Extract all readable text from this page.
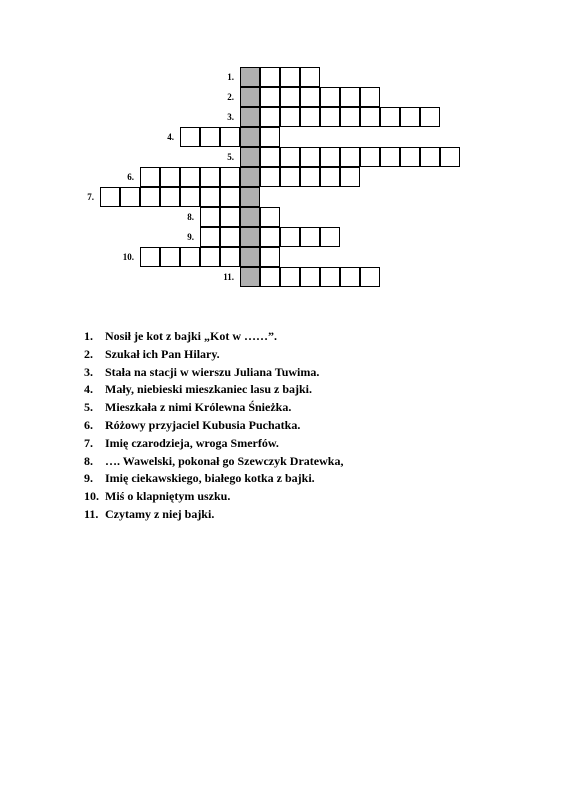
1.
2.
3.
4.
5.
6.
7.
8.
9.
10.
11.
1. Nosił je kot z bajki „Kot w ……”.
2. Szukał ich Pan Hilary.
3. Stała na stacji w wierszu Juliana Tuwima.
4. Mały, niebieski mieszkaniec lasu z bajki.
5. Mieszkała z nimi Królewna Śnieżka.
6. Różowy przyjaciel Kubusia Puchatka.
7. Imię czarodzieja, wroga Smerfów.
8. …. Wawelski, pokonał go Szewczyk Dratewka,
9. Imię ciekawskiego, białego kotka z bajki.
10. Miś o klapniętym uszku.
11. Czytamy z niej bajki.
